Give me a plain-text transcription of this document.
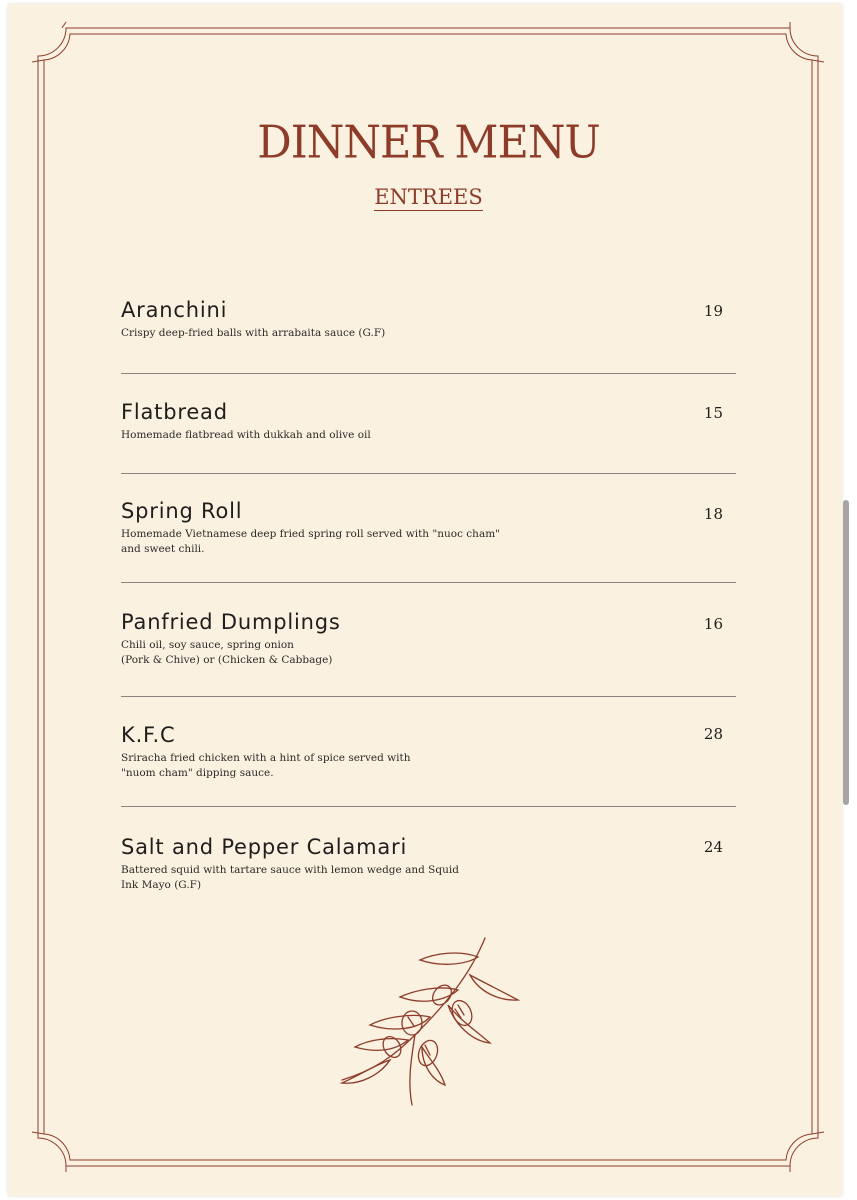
DINNER MENU
ENTREES
Aranchini
Crispy deep-fried balls with arrabaita sauce (G.F)
19
Flatbread
Homemade flatbread with dukkah and olive oil
15
Spring Roll
Homemade Vietnamese deep fried spring roll served with "nuoc cham"
and sweet chili.
18
Panfried Dumplings
Chili oil, soy sauce, spring onion
(Pork & Chive) or (Chicken & Cabbage)
16
K.F.C
Sriracha fried chicken with a hint of spice served with
"nuom cham" dipping sauce.
28
Salt and Pepper Calamari
Battered squid with tartare sauce with lemon wedge and Squid
Ink Mayo (G.F)
24
